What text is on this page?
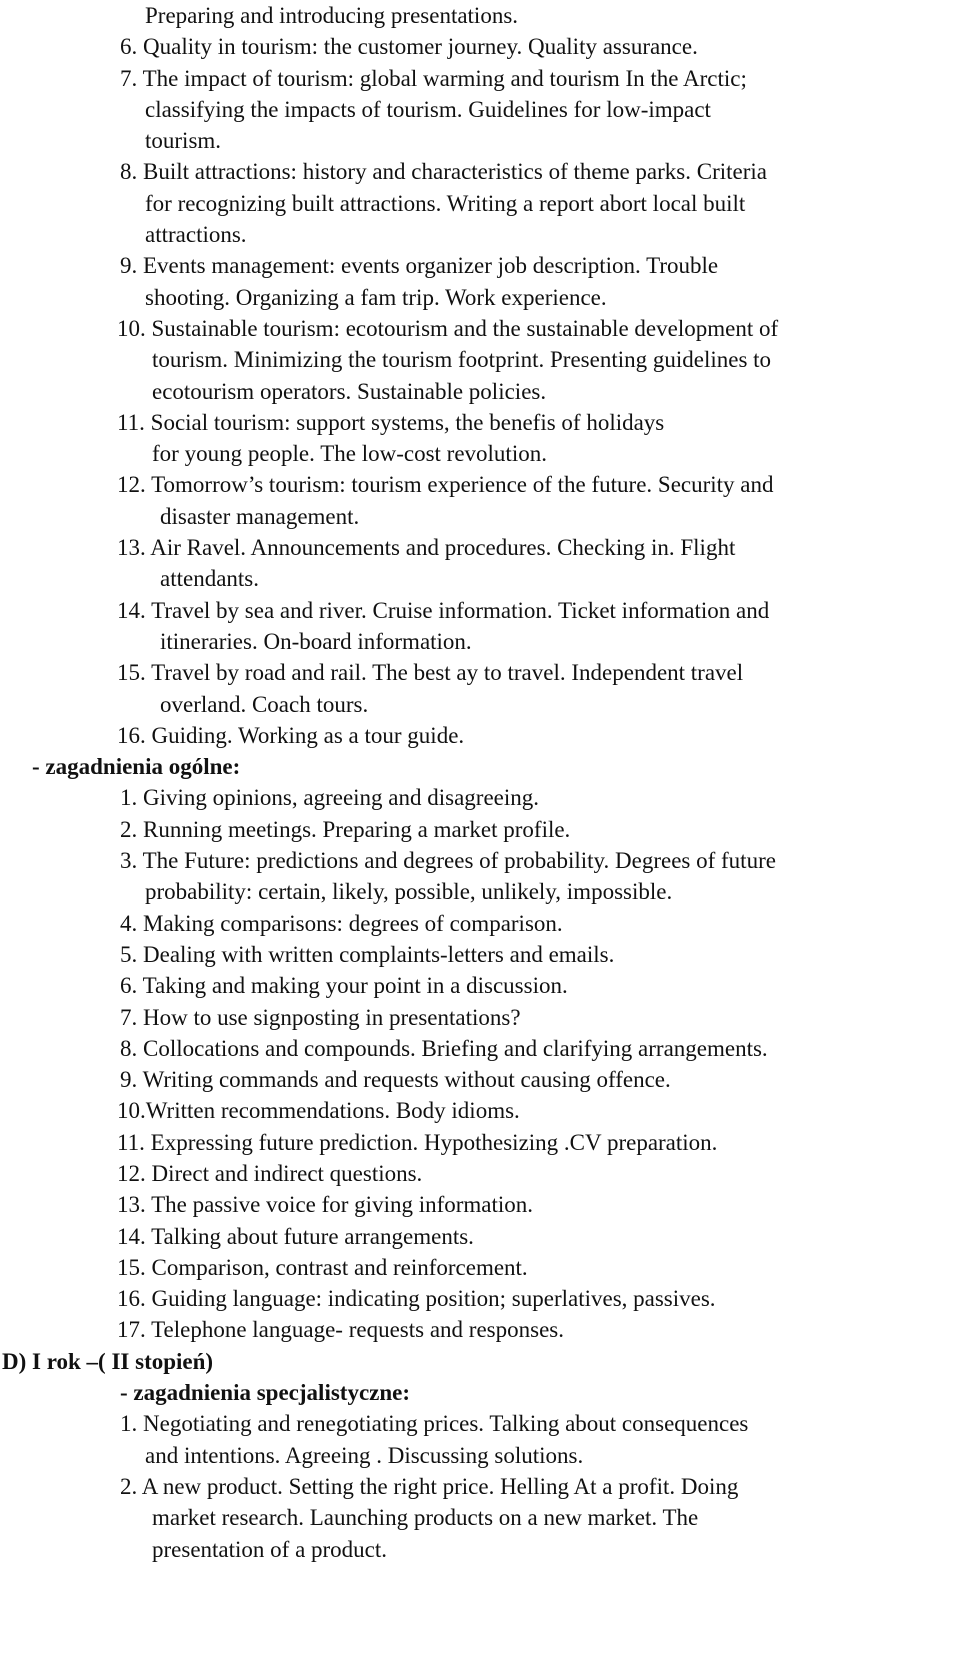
Preparing and introducing presentations.

6. Quality in tourism: the customer journey. Quality assurance.

7. The impact of tourism: global warming and tourism In the Arctic;

classifying the impacts of tourism. Guidelines for low-impact

tourism.

8. Built attractions: history and characteristics of theme parks. Criteria

for recognizing built attractions. Writing a report abort local built

attractions.

9. Events management: events organizer job description. Trouble

shooting. Organizing a fam trip. Work experience.

10. Sustainable tourism: ecotourism and the sustainable development of

tourism. Minimizing the tourism footprint. Presenting guidelines to

ecotourism operators. Sustainable policies.

11. Social tourism: support systems, the benefis of holidays

for young people. The low-cost revolution.

12. Tomorrow’s tourism: tourism experience of the future. Security and

disaster management.

13. Air Ravel. Announcements and procedures. Checking in. Flight

attendants.

14. Travel by sea and river. Cruise information. Ticket information and

itineraries. On-board information.

15. Travel by road and rail. The best ay to travel. Independent travel

overland. Coach tours.

16. Guiding. Working as a tour guide.

- zagadnienia ogólne:

1. Giving opinions, agreeing and disagreeing.

2. Running meetings. Preparing a market profile.

3. The Future: predictions and degrees of probability. Degrees of future

probability: certain, likely, possible, unlikely, impossible.

4. Making comparisons: degrees of comparison.

5. Dealing with written complaints-letters and emails.

6. Taking and making your point in a discussion.

7. How to use signposting in presentations?

8. Collocations and compounds. Briefing and clarifying arrangements.

9. Writing commands and requests without causing offence.

10.Written recommendations. Body idioms.

11. Expressing future prediction. Hypothesizing .CV preparation.

12. Direct and indirect questions.

13. The passive voice for giving information.

14. Talking about future arrangements.

15. Comparison, contrast and reinforcement.

16. Guiding language: indicating position; superlatives, passives.

17. Telephone language- requests and responses.

D) I rok –( II stopień)

- zagadnienia specjalistyczne:

1. Negotiating and renegotiating prices. Talking about consequences

and intentions. Agreeing . Discussing solutions.

2. A new product. Setting the right price. Helling At a profit. Doing

market research. Launching products on a new market. The

presentation of a product.
